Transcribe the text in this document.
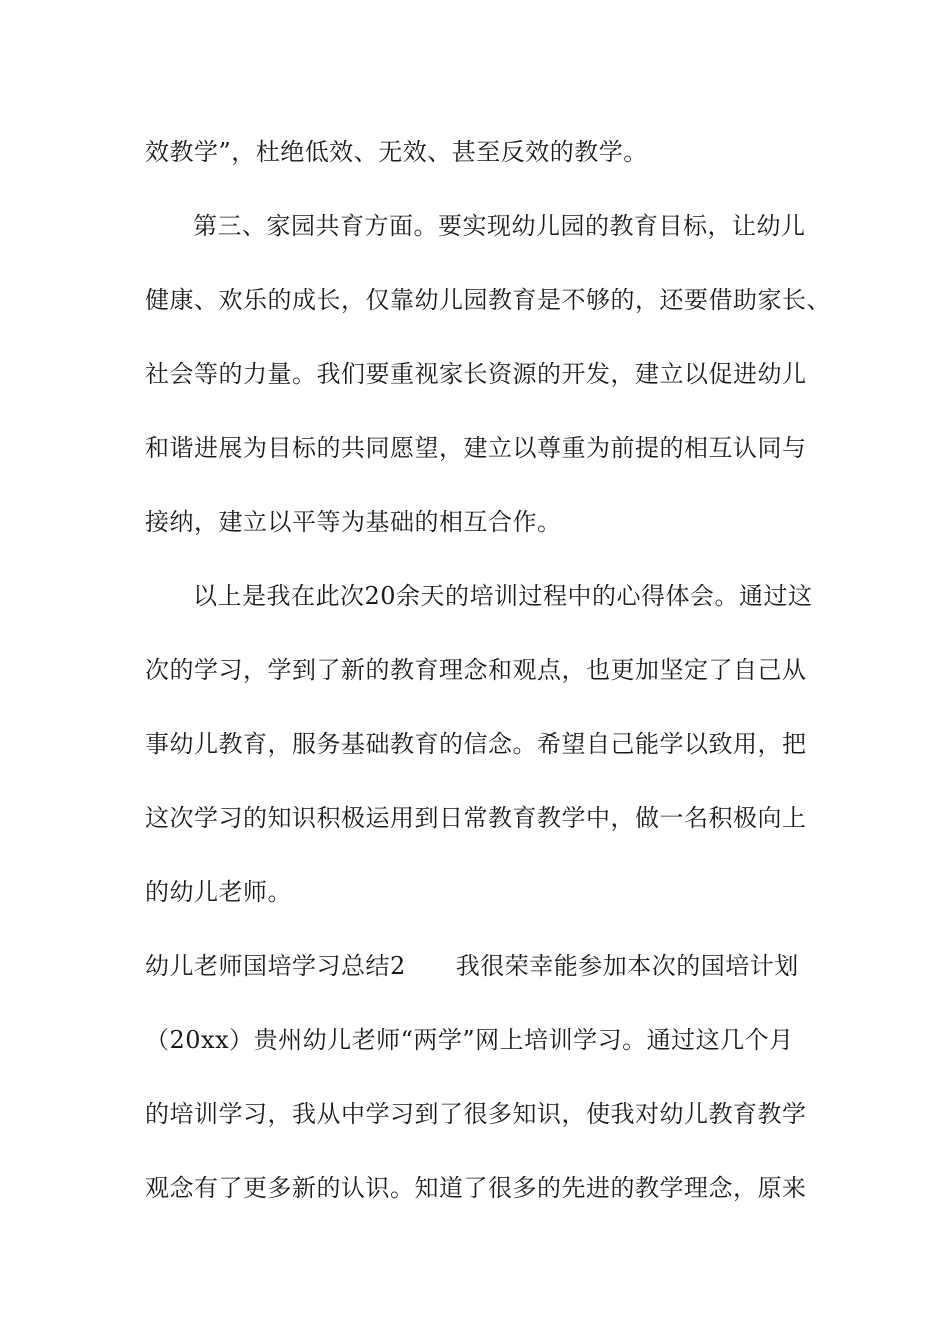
效教学”，杜绝低效、无效、甚至反效的教学。

第三、家园共育方面。要实现幼儿园的教育目标，让幼儿

健康、欢乐的成长，仅靠幼儿园教育是不够的，还要借助家长、

社会等的力量。我们要重视家长资源的开发，建立以促进幼儿

和谐进展为目标的共同愿望，建立以尊重为前提的相互认同与

接纳，建立以平等为基础的相互合作。

以上是我在此次20余天的培训过程中的心得体会。通过这

次的学习，学到了新的教育理念和观点，也更加坚定了自己从

事幼儿教育，服务基础教育的信念。希望自己能学以致用，把

这次学习的知识积极运用到日常教育教学中，做一名积极向上

的幼儿老师。

幼儿老师国培学习总结2 我很荣幸能参加本次的国培计划

（20xx）贵州幼儿老师“两学”网上培训学习。通过这几个月

的培训学习，我从中学习到了很多知识，使我对幼儿教育教学

观念有了更多新的认识。知道了很多的先进的教学理念，原来
